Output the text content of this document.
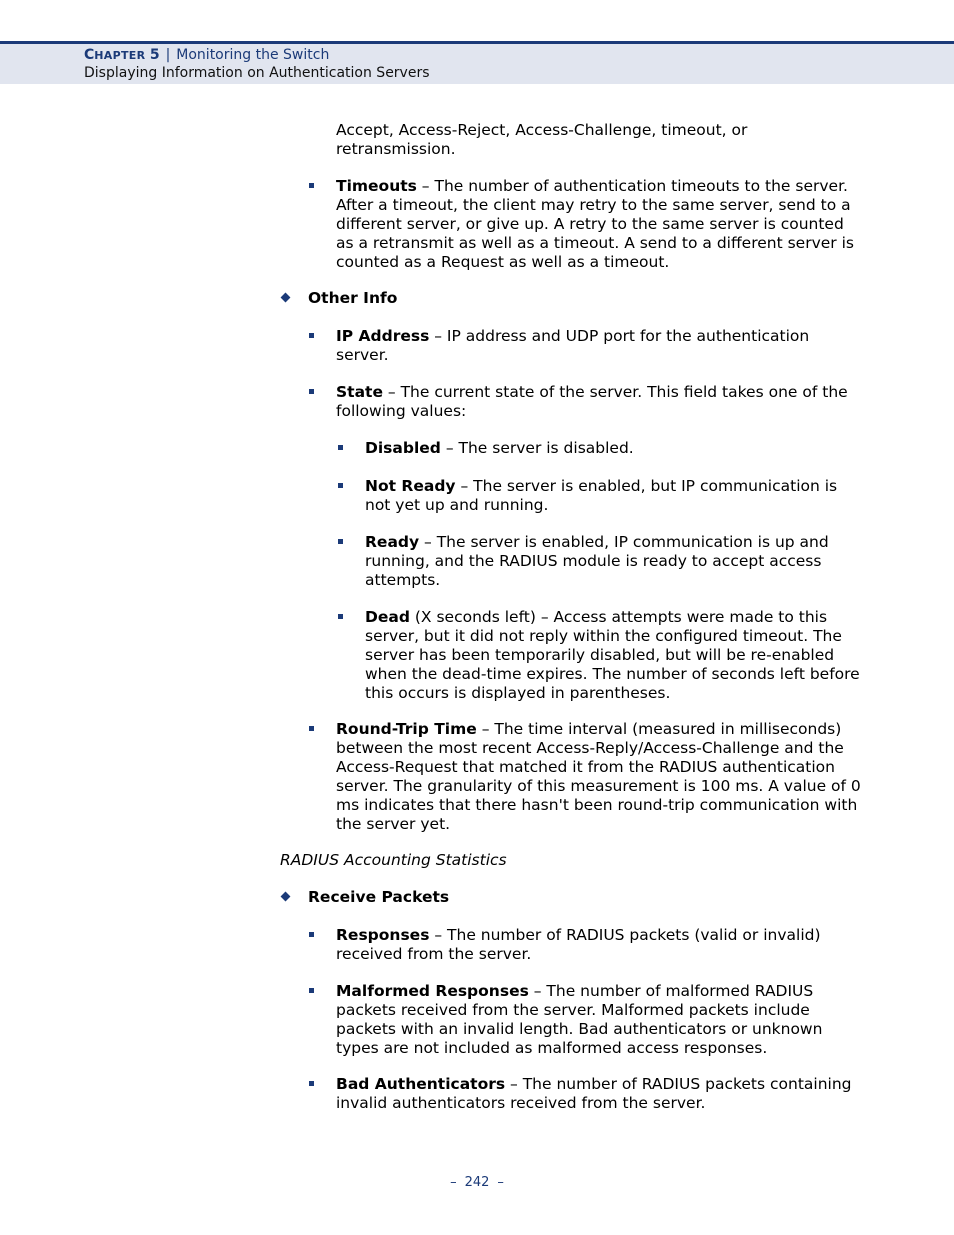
CHAPTER 5 | Monitoring the Switch
Displaying Information on Authentication Servers
Accept, Access-Reject, Access-Challenge, timeout, or retransmission.
Timeouts – The number of authentication timeouts to the server. After a timeout, the client may retry to the same server, send to a different server, or give up. A retry to the same server is counted as a retransmit as well as a timeout. A send to a different server is counted as a Request as well as a timeout.
Other Info
IP Address – IP address and UDP port for the authentication server.
State – The current state of the server. This field takes one of the following values:
Disabled – The server is disabled.
Not Ready – The server is enabled, but IP communication is not yet up and running.
Ready – The server is enabled, IP communication is up and running, and the RADIUS module is ready to accept access attempts.
Dead (X seconds left) – Access attempts were made to this server, but it did not reply within the configured timeout. The server has been temporarily disabled, but will be re-enabled when the dead-time expires. The number of seconds left before this occurs is displayed in parentheses.
Round-Trip Time – The time interval (measured in milliseconds) between the most recent Access-Reply/Access-Challenge and the Access-Request that matched it from the RADIUS authentication server. The granularity of this measurement is 100 ms. A value of 0 ms indicates that there hasn't been round-trip communication with the server yet.
RADIUS Accounting Statistics
Receive Packets
Responses – The number of RADIUS packets (valid or invalid) received from the server.
Malformed Responses – The number of malformed RADIUS packets received from the server. Malformed packets include packets with an invalid length. Bad authenticators or unknown types are not included as malformed access responses.
Bad Authenticators – The number of RADIUS packets containing invalid authenticators received from the server.
– 242 –
